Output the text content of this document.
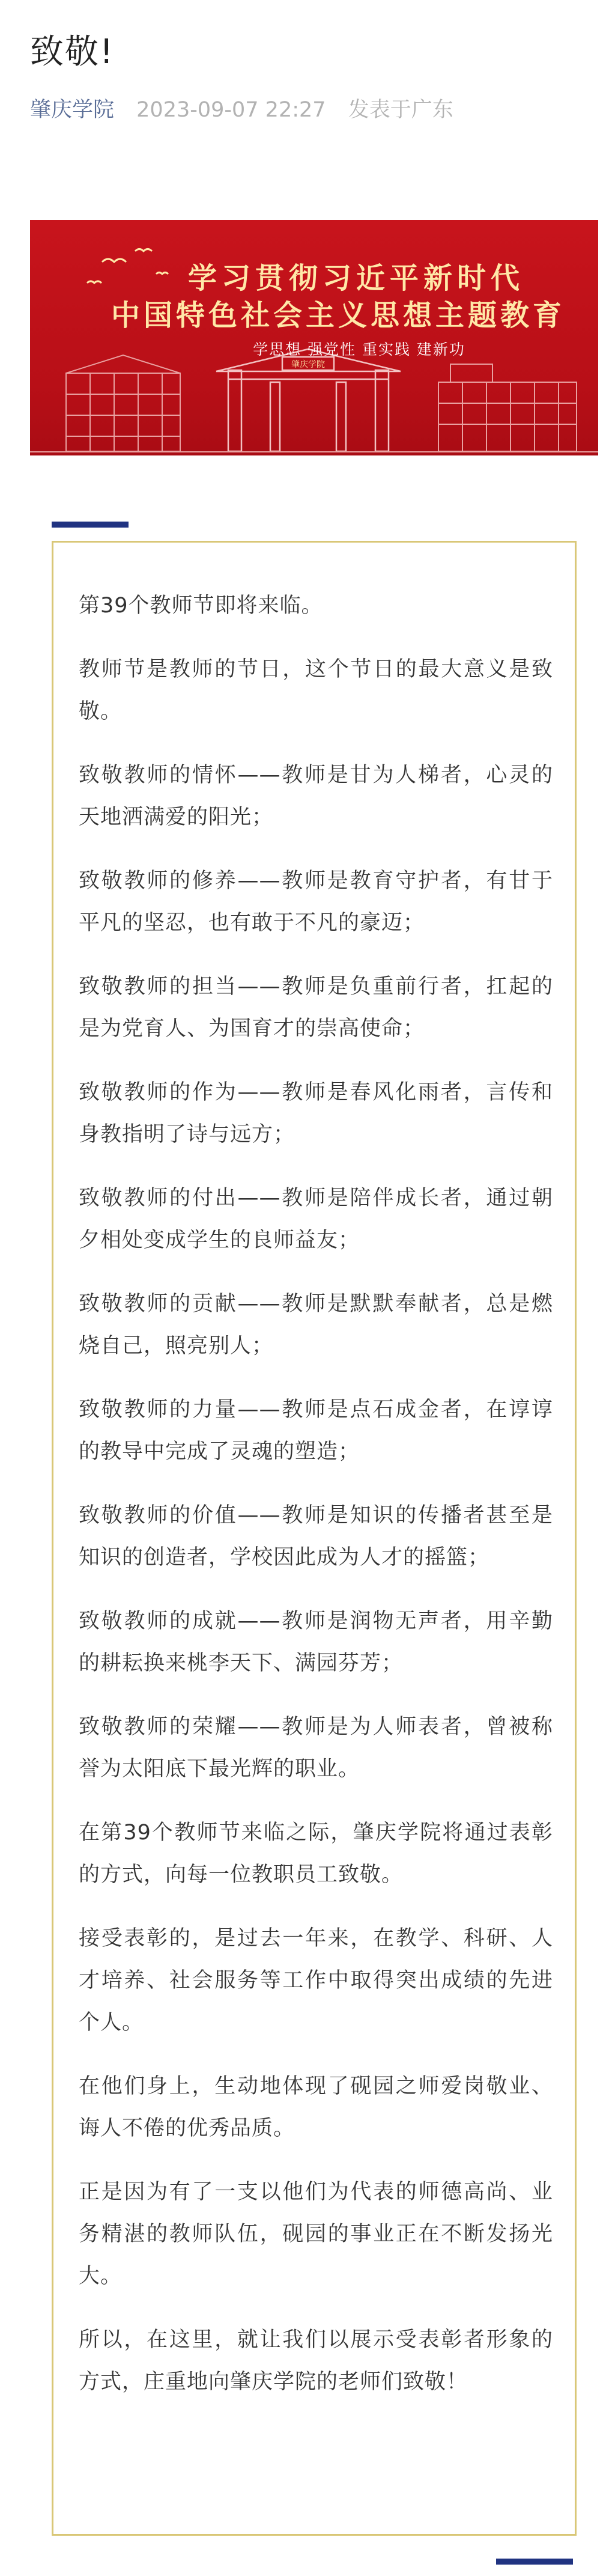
致敬!
肇庆学院 2023-09-07 22:27 发表于广东
肇庆学院
学习贯彻习近平新时代
中国特色社会主义思想主题教育
学思想 强党性 重实践 建新功

第39个教师节即将来临。

教师节是教师的节日，这个节日的最大意义是致敬。

致敬教师的情怀——教师是甘为人梯者，心灵的天地洒满爱的阳光；

致敬教师的修养——教师是教育守护者，有甘于平凡的坚忍，也有敢于不凡的豪迈；

致敬教师的担当——教师是负重前行者，扛起的是为党育人、为国育才的崇高使命；

致敬教师的作为——教师是春风化雨者，言传和身教指明了诗与远方；

致敬教师的付出——教师是陪伴成长者，通过朝夕相处变成学生的良师益友；

致敬教师的贡献——教师是默默奉献者，总是燃烧自己，照亮别人；

致敬教师的力量——教师是点石成金者，在谆谆的教导中完成了灵魂的塑造；

致敬教师的价值——教师是知识的传播者甚至是知识的创造者，学校因此成为人才的摇篮；

致敬教师的成就——教师是润物无声者，用辛勤的耕耘换来桃李天下、满园芬芳；

致敬教师的荣耀——教师是为人师表者，曾被称誉为太阳底下最光辉的职业。

在第39个教师节来临之际，肇庆学院将通过表彰的方式，向每一位教职员工致敬。

接受表彰的，是过去一年来，在教学、科研、人才培养、社会服务等工作中取得突出成绩的先进个人。

在他们身上，生动地体现了砚园之师爱岗敬业、诲人不倦的优秀品质。

正是因为有了一支以他们为代表的师德高尚、业务精湛的教师队伍，砚园的事业正在不断发扬光大。

所以，在这里，就让我们以展示受表彰者形象的方式，庄重地向肇庆学院的老师们致敬！
